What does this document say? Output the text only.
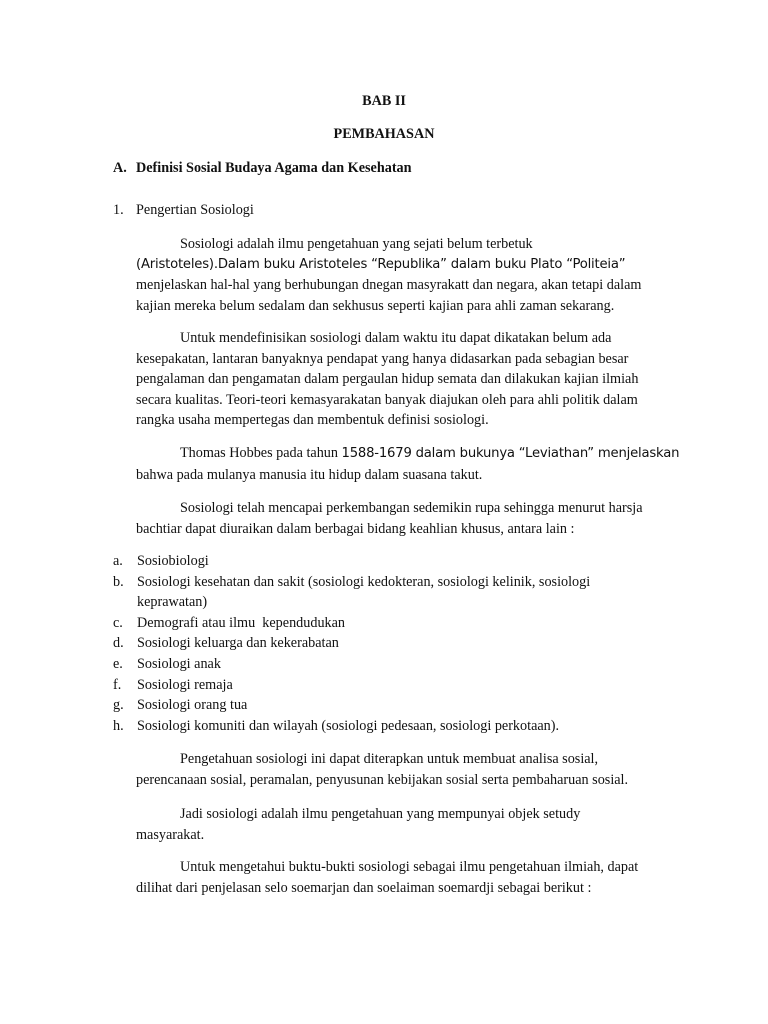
BAB II
PEMBAHASAN
A. Definisi Sosial Budaya Agama dan Kesehatan
1. Pengertian Sosiologi
Sosiologi adalah ilmu pengetahuan yang sejati belum terbetuk
(Aristoteles).Dalam buku Aristoteles “Republika” dalam buku Plato “Politeia”
menjelaskan hal-hal yang berhubungan dnegan masyrakatt dan negara, akan tetapi dalam
kajian mereka belum sedalam dan sekhusus seperti kajian para ahli zaman sekarang.
Untuk mendefinisikan sosiologi dalam waktu itu dapat dikatakan belum ada
kesepakatan, lantaran banyaknya pendapat yang hanya didasarkan pada sebagian besar
pengalaman dan pengamatan dalam pergaulan hidup semata dan dilakukan kajian ilmiah
secara kualitas. Teori-teori kemasyarakatan banyak diajukan oleh para ahli politik dalam
rangka usaha mempertegas dan membentuk definisi sosiologi.
Thomas Hobbes pada tahun 1588-1679 dalam bukunya “Leviathan” menjelaskan
bahwa pada mulanya manusia itu hidup dalam suasana takut.
Sosiologi telah mencapai perkembangan sedemikin rupa sehingga menurut harsja
bachtiar dapat diuraikan dalam berbagai bidang keahlian khusus, antara lain :
a. Sosiobiologi
b. Sosiologi kesehatan dan sakit (sosiologi kedokteran, sosiologi kelinik, sosiologi
keprawatan)
c. Demografi atau ilmu  kependudukan
d. Sosiologi keluarga dan kekerabatan
e. Sosiologi anak
f. Sosiologi remaja
g. Sosiologi orang tua
h. Sosiologi komuniti dan wilayah (sosiologi pedesaan, sosiologi perkotaan).
Pengetahuan sosiologi ini dapat diterapkan untuk membuat analisa sosial,
perencanaan sosial, peramalan, penyusunan kebijakan sosial serta pembaharuan sosial.
Jadi sosiologi adalah ilmu pengetahuan yang mempunyai objek setudy
masyarakat.
Untuk mengetahui buktu-bukti sosiologi sebagai ilmu pengetahuan ilmiah, dapat
dilihat dari penjelasan selo soemarjan dan soelaiman soemardji sebagai berikut :
